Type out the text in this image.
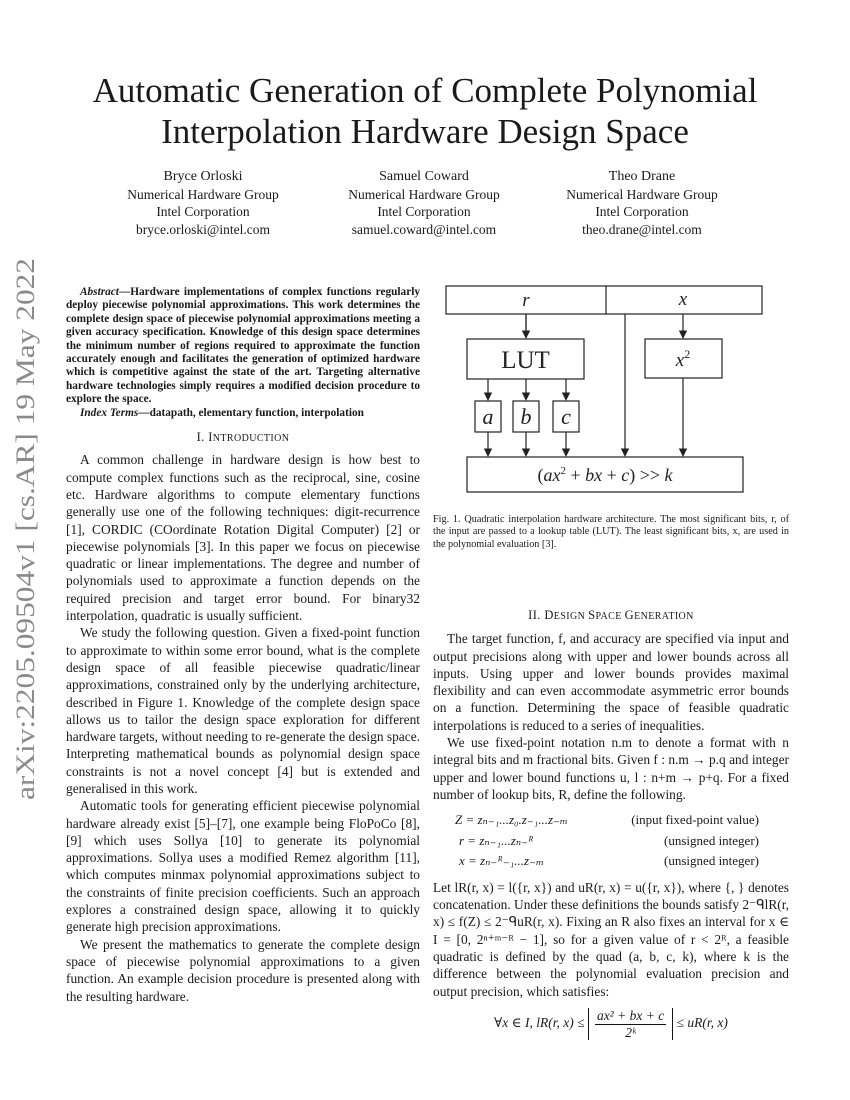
arXiv:2205.09504v1 [cs.AR] 19 May 2022
Automatic Generation of Complete Polynomial
Interpolation Hardware Design Space
Bryce Orloski
Numerical Hardware Group
Intel Corporation
bryce.orloski@intel.com
Samuel Coward
Numerical Hardware Group
Intel Corporation
samuel.coward@intel.com
Theo Drane
Numerical Hardware Group
Intel Corporation
theo.drane@intel.com

Abstract—Hardware implementations of complex functions regularly deploy piecewise polynomial approximations. This work determines the complete design space of piecewise polynomial approximations meeting a given accuracy specification. Knowledge of this design space determines the minimum number of regions required to approximate the function accurately enough and facilitates the generation of optimized hardware which is competitive against the state of the art. Targeting alternative hardware technologies simply requires a modified decision procedure to explore the space.

Index Terms—datapath, elementary function, interpolation

I. INTRODUCTION

A common challenge in hardware design is how best to compute complex functions such as the reciprocal, sine, cosine etc. Hardware algorithms to compute elementary functions generally use one of the following techniques: digit-recurrence [1], CORDIC (COordinate Rotation Digital Computer) [2] or piecewise polynomials [3]. In this paper we focus on piecewise quadratic or linear implementations. The degree and number of polynomials used to approximate a function depends on the required precision and target error bound. For binary32 interpolation, quadratic is usually sufficient.

We study the following question. Given a fixed-point function to approximate to within some error bound, what is the complete design space of all feasible piecewise quadratic/linear approximations, constrained only by the underlying architecture, described in Figure 1. Knowledge of the complete design space allows us to tailor the design space exploration for different hardware targets, without needing to re-generate the design space. Interpreting mathematical bounds as polynomial design space constraints is not a novel concept [4] but is extended and generalised in this work.

Automatic tools for generating efficient piecewise polynomial hardware already exist [5]–[7], one example being FloPoCo [8], [9] which uses Sollya [10] to generate its polynomial approximations. Sollya uses a modified Remez algorithm [11], which computes minmax polynomial approximations subject to the constraints of finite precision coefficients. Such an approach explores a constrained design space, allowing it to quickly generate high precision approximations.

We present the mathematics to generate the complete design space of piecewise polynomial approximations to a given function. An example decision procedure is presented along with the resulting hardware.

r	x
LUT	$x^2$
a b c
($ax^2$ + bx + c) >> k
Fig. 1. Quadratic interpolation hardware architecture. The most significant bits, r, of the input are passed to a lookup table (LUT). The least significant bits, x, are used in the polynomial evaluation [3].
II. DESIGN SPACE GENERATION

The target function, f, and accuracy are specified via input and output precisions along with upper and lower bounds across all inputs. Using upper and lower bounds provides maximal flexibility and can even accommodate asymmetric error bounds on a function. Determining the space of feasible quadratic interpolations is reduced to a series of inequalities.

We use fixed-point notation n.m to denote a format with n integral bits and m fractional bits. Given f : n.m → p.q and integer upper and lower bound functions u, l : n+m → p+q. For a fixed number of lookup bits, R, define the following.

Z = zₙ₋₁...z₀.z₋₁...z₋ₘ	(input fixed-point value)
r = zₙ₋₁...zₙ₋ᴿ	(unsigned integer)
x = zₙ₋ᴿ₋₁...z₋ₘ	(unsigned integer)

Let lR(r, x) = l({r, x}) and uR(r, x) = u({r, x}), where {, } denotes concatenation. Under these definitions the bounds satisfy 2⁻ᑫlR(r, x) ≤ f(Z) ≤ 2⁻ᑫuR(r, x). Fixing an R also fixes an interval for x ∈ I = [0, 2ⁿ⁺ᵐ⁻ᴿ − 1], so for a given value of r < 2ᴿ, a feasible quadratic is defined by the quad (a, b, c, k), where k is the difference between the polynomial evaluation precision and output precision, which satisfies:

∀x ∈ I, lR(r, $x) \le \frac{\text{ax² + bx + c}}{\text{2ᵏ}} \le uR(r$, x)
